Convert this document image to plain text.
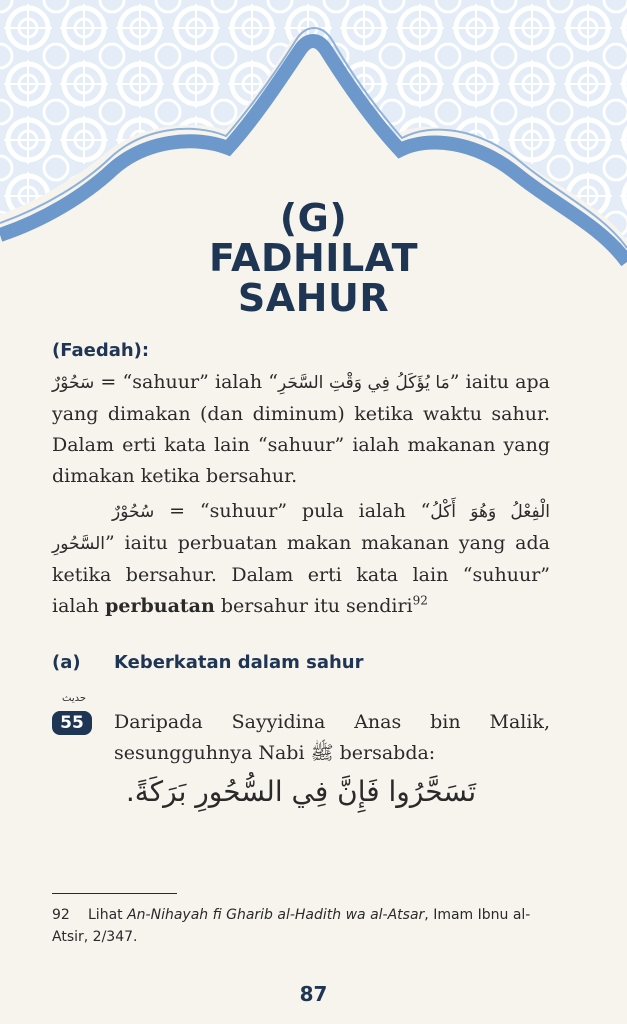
(G)
FADHILAT
SAHUR
(Faedah):

سَحُوْرٌ = “sahuur” ialah “مَا يُؤَكَلُ فِي وَقْتِ السَّحَرِ” iaitu apa yang dimakan (dan diminum) ketika waktu sahur. Dalam erti kata lain “sahuur” ialah makanan yang dimakan ketika bersahur.

سُحُوْرٌ = “suhuur” pula ialah “الْفِعْلُ وَهُوَ أَكْلُ السَّحُورِ” iaitu perbuatan makan makanan yang ada ketika bersahur. Dalam erti kata lain “suhuur” ialah perbuatan bersahur itu sendiri$^{92}$

(a)	Keberkatan dalam sahur
حديث
55	Daripada Sayyidina Anas bin Malik, sesungguhnya Nabi ﷺ bersabda:

تَسَحَّرُوا فَإِنَّ فِي السُّحُورِ بَرَكَةً.

92 Lihat An-Nihayah fi Gharib al-Hadith wa al-Atsar, Imam Ibnu al-Atsir, 2/347.
87
